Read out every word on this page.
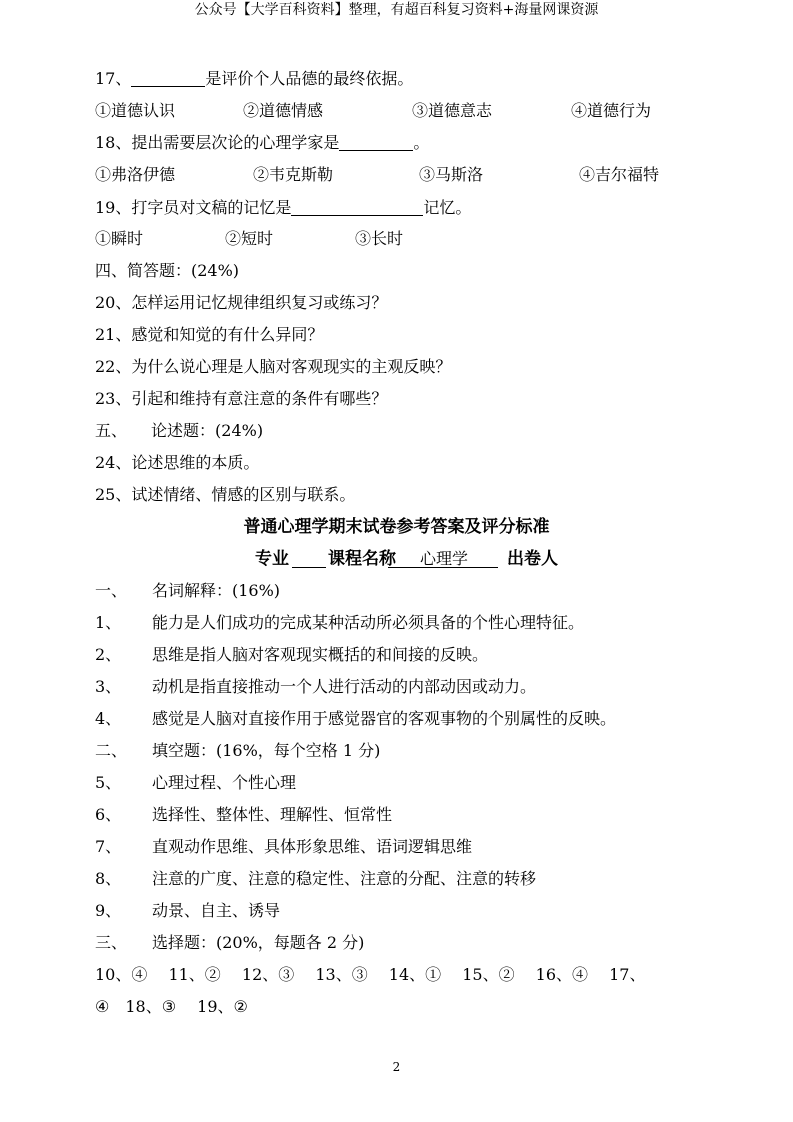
公众号【大学百科资料】整理，有超百科复习资料+海量网课资源
17、	是评价个人品德的最终依据。
①道德认识	②道德情感	③道德意志	④道德行为
18、提出需要层次论的心理学家是	。
①弗洛伊德	②韦克斯勒	③马斯洛	④吉尔福特
19、打字员对文稿的记忆是	记忆。
①瞬时	②短时	③长时
四、简答题：(24%)
20、怎样运用记忆规律组织复习或练习？
21、感觉和知觉的有什么异同？
22、为什么说心理是人脑对客观现实的主观反映？
23、引起和维持有意注意的条件有哪些？
五、 论述题：(24%)
24、论述思维的本质。
25、试述情绪、情感的区别与联系。
普通心理学期末试卷参考答案及评分标准
专业 课程名称 心理学 出卷人
一、 名词解释：(16%)
1、 能力是人们成功的完成某种活动所必须具备的个性心理特征。
2、 思维是指人脑对客观现实概括的和间接的反映。
3、 动机是指直接推动一个人进行活动的内部动因或动力。
4、 感觉是人脑对直接作用于感觉器官的客观事物的个别属性的反映。
二、 填空题：(16%，每个空格 1 分)
5、 心理过程、个性心理
6、 选择性、整体性、理解性、恒常性
7、 直观动作思维、具体形象思维、语词逻辑思维
8、 注意的广度、注意的稳定性、注意的分配、注意的转移
9、 动景、自主、诱导
三、 选择题：(20%，每题各 2 分)
10、④　 11、②　 12、③　 13、③　 14、①　 15、②　 16、④　 17、
④　18、③　 19、②
2
